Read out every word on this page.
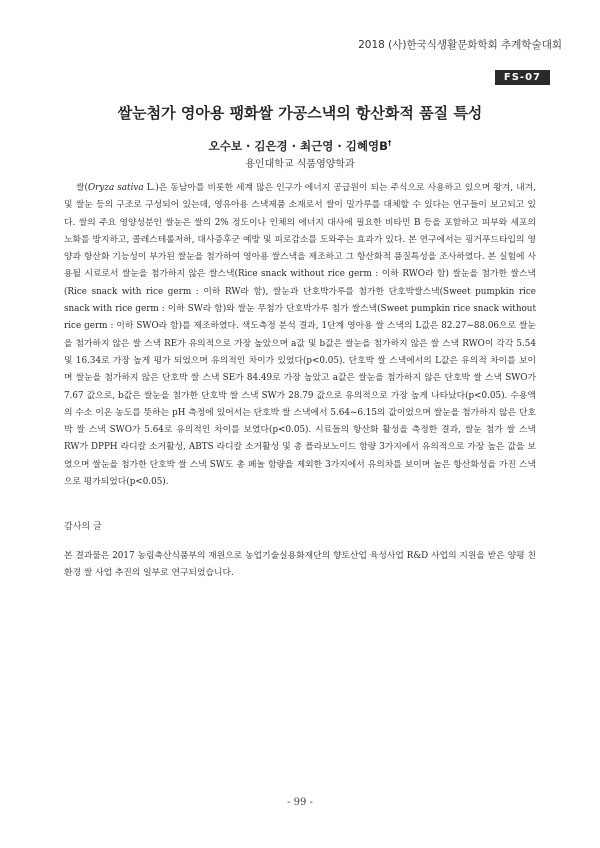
2018 (사)한국식생활문화학회 추계학술대회
FS-07
쌀눈첨가 영아용 팽화쌀 가공스낵의 항산화적 품질 특성
오수보 · 김은경 · 최근영 · 김혜영B†
용인대학교 식품영양학과

쌀(Oryza sativa L.)은 동남아를 비롯한 세계 많은 인구가 에너지 공급원이 되는 주식으로 사용하고 있으며 왕겨, 내겨, 및 쌀눈 등의 구조로 구성되어 있는데, 영유아용 스낵제품 소재로서 쌀이 밀가루를 대체할 수 있다는 연구들이 보고되고 있다. 쌀의 주요 영양성분인 쌀눈은 쌀의 2% 정도이나 인체의 에너지 대사에 필요한 비타민 B 등을 포함하고 피부와 세포의 노화를 방지하고, 콜레스테롤저하, 대사증후군 예방 및 피로감소를 도와주는 효과가 있다. 본 연구에서는 핑거푸드타입의 영양과 항산화 기능성이 부가된 쌀눈을 첨가하여 영아용 쌀스낵을 제조하고 그 항산화적 품질특성을 조사하였다. 본 실험에 사용될 시료로서 쌀눈을 첨가하지 않은 쌀스낵(Rice snack without rice germ : 이하 RWO라 함) 쌀눈을 첨가한 쌀스낵(Rice snack with rice germ : 이하 RW라 함), 쌀눈과 단호박가루를 첨가한 단호박쌀스낵(Sweet pumpkin rice snack with rice germ : 이하 SW라 함)와 쌀눈 무첨가 단호박가루 첨가 쌀스낵(Sweet pumpkin rice snack without rice germ : 이하 SWO라 함)를 제조하였다. 색도측정 분석 결과, 1단계 영아용 쌀 스낵의 L값은 82.27~88.06으로 쌀눈을 첨가하지 않은 쌀 스낵 RE가 유의적으로 가장 높았으며 a값 및 b값은 쌀눈을 첨가하지 않은 쌀 스낵 RWO이 각각 5.54 및 16.34로 가장 높게 평가 되었으며 유의적인 차이가 있었다(p<0.05). 단호박 쌀 스낵에서의 L값은 유의적 차이를 보이며 쌀눈을 첨가하지 않은 단호박 쌀 스낵 SE가 84.49로 가장 높았고 a값은 쌀눈을 첨가하지 않은 단호박 쌀 스낵 SWO가 7.67 값으로, b값은 쌀눈을 첨가한 단호박 쌀 스낵 SW가 28.79 값으로 유의적으로 가장 높게 나타났다(p<0.05). 수용액의 수소 이온 농도를 뜻하는 pH 측정에 있어서는 단호박 쌀 스낵에서 5.64~6.15의 값이었으며 쌀눈을 첨가하지 않은 단호박 쌀 스낵 SWO가 5.64로 유의적인 차이를 보였다(p<0.05). 시료들의 항산화 활성을 측정한 결과, 쌀눈 첨가 쌀 스낵 RW가 DPPH 라디칼 소거활성, ABTS 라디칼 소거활성 및 총 플라보노이드 함량 3가지에서 유의적으로 가장 높은 값을 보였으며 쌀눈을 첨가한 단호박 쌀 스낵 SW도 총 페놀 함량을 제외한 3가지에서 유의차를 보이며 높은 항산화성을 가진 스낵으로 평가되었다(p<0.05).

감사의 글

본 결과물은 2017 농림축산식품부의 재원으로 농업기술실용화재단의 향토산업 육성사업 R&D 사업의 지원을 받은 양평 친환경 쌀 사업 추진의 일부로 연구되었습니다.

- 99 -
